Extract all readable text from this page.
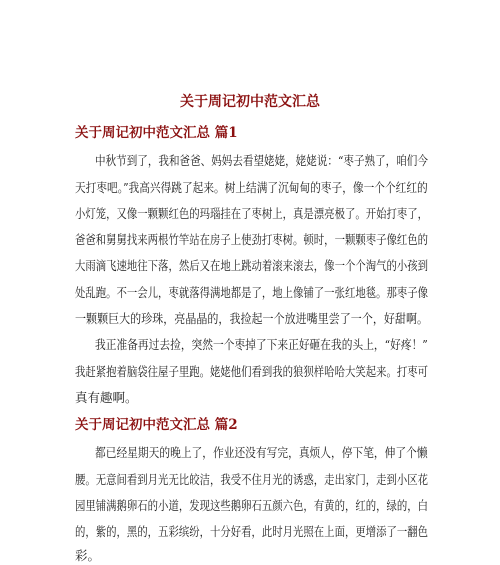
关于周记初中范文汇总
关于周记初中范文汇总 篇1
中秋节到了，我和爸爸、妈妈去看望姥姥，姥姥说：“枣子熟了，咱们今
天打枣吧。”我高兴得跳了起来。树上结满了沉甸甸的枣子，像一个个红红的
小灯笼，又像一颗颗红色的玛瑙挂在了枣树上，真是漂亮极了。开始打枣了，
爸爸和舅舅找来两根竹竿站在房子上使劲打枣树。顿时，一颗颗枣子像红色的
大雨滴飞速地往下落，然后又在地上跳动着滚来滚去，像一个个淘气的小孩到
处乱跑。不一会儿，枣就落得满地都是了，地上像铺了一张红地毯。那枣子像
一颗颗巨大的珍珠，亮晶晶的，我捡起一个放进嘴里尝了一个，好甜啊。
我正准备再过去捡，突然一个枣掉了下来正好砸在我的头上，“好疼！”
我赶紧抱着脑袋往屋子里跑。姥姥他们看到我的狼狈样哈哈大笑起来。打枣可
真有趣啊。
关于周记初中范文汇总 篇2
都已经星期天的晚上了，作业还没有写完，真烦人，停下笔，伸了个懒
腰。无意间看到月光无比皎洁，我受不住月光的诱惑，走出家门，走到小区花
园里铺满鹅卵石的小道，发现这些鹅卵石五颜六色，有黄的，红的，绿的，白
的，紫的，黑的，五彩缤纷，十分好看，此时月光照在上面，更增添了一翻色
彩。
